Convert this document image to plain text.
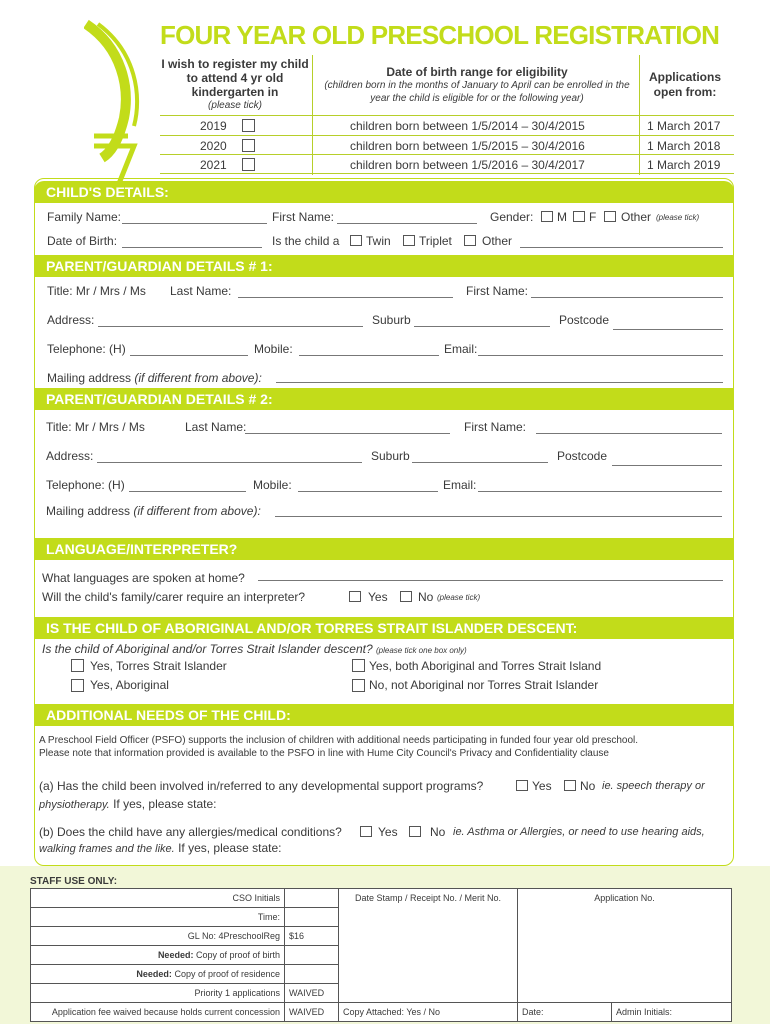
FOUR YEAR OLD PRESCHOOL REGISTRATION
I wish to register my child to attend 4 yr old kindergarten in
(please tick)
Date of birth range for eligibility
(children born in the months of January to April can be enrolled in the year the child is eligible for or the following year)
Applications open from:
2019	children born between 1/5/2014 – 30/4/2015	1 March 2017
2020	children born between 1/5/2015 – 30/4/2016	1 March 2018
2021	children born between 1/5/2016 – 30/4/2017	1 March 2019
CHILD'S DETAILS:
Family Name:	First Name:	Gender: M F Other (please tick)
Date of Birth:	Is the child a Twin Triplet	Other
PARENT/GUARDIAN DETAILS # 1:
Title: Mr / Mrs / Ms Last Name:	First Name:
Address:	Suburb	Postcode
Telephone: (H)	Mobile:	Email:
Mailing address (if different from above):
PARENT/GUARDIAN DETAILS # 2:
Title: Mr / Mrs / Ms	Last Name:	First Name:
Address:	Suburb	Postcode
Telephone: (H)	Mobile:	Email:
Mailing address (if different from above):
LANGUAGE/INTERPRETER?
What languages are spoken at home?
Will the child's family/carer require an interpreter?	Yes	No (please tick)
IS THE CHILD OF ABORIGINAL AND/OR TORRES STRAIT ISLANDER DESCENT:
Is the child of Aboriginal and/or Torres Strait Islander descent? (please tick one box only)
Yes, Torres Strait Islander	Yes, both Aboriginal and Torres Strait Island
Yes, Aboriginal	No, not Aboriginal nor Torres Strait Islander
ADDITIONAL NEEDS OF THE CHILD:
A Preschool Field Officer (PSFO) supports the inclusion of children with additional needs participating in funded four year old preschool.
Please note that information provided is available to the PSFO in line with Hume City Council's Privacy and Confidentiality clause
(a) Has the child been involved in/referred to any developmental support programs?	Yes No ie. speech therapy or
physiotherapy. If yes, please state:
(b) Does the child have any allergies/medical conditions?	Yes	No ie. Asthma or Allergies, or need to use hearing aids,
walking frames and the like. If yes, please state:
STAFF USE ONLY:
CSO Initials		Date Stamp / Receipt No. / Merit No.	Application No.	
Time:				
GL No: 4PreschoolReg	$16			
Needed: Copy of proof of birth				
Needed: Copy of proof of residence				
Priority 1 applications	WAIVED			
Application fee waived because holds current concession	WAIVED	Copy Attached: Yes / No	Date:	Admin Initials:
